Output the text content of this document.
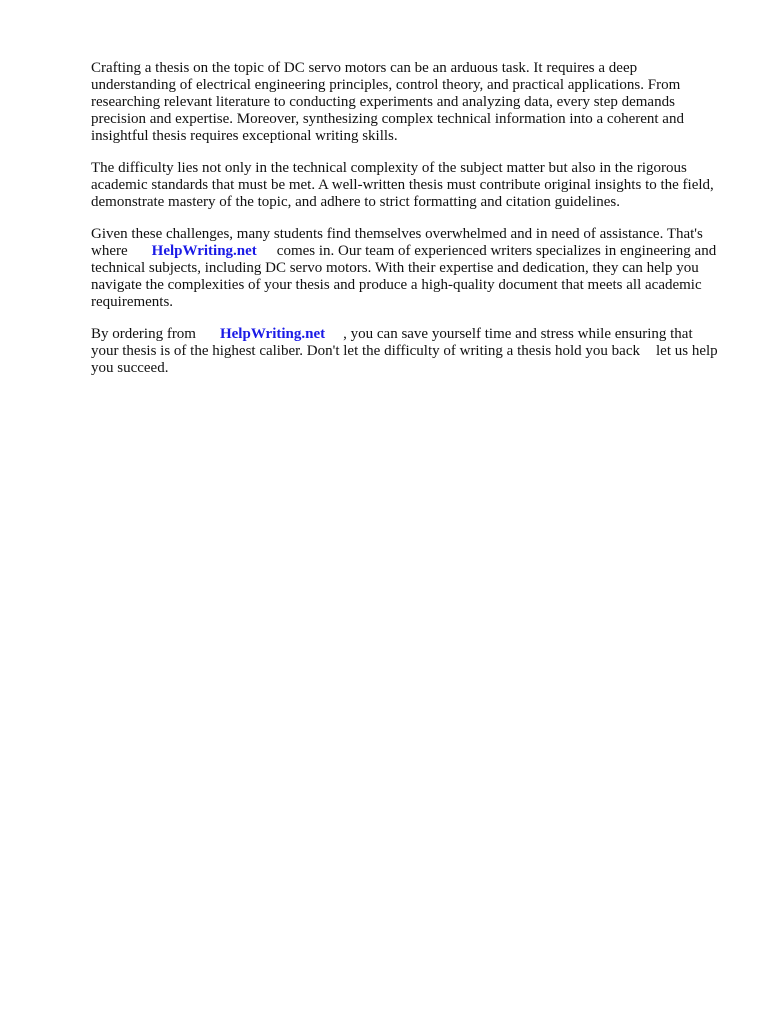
Crafting a thesis on the topic of DC servo motors can be an arduous task. It requires a deep understanding of electrical engineering principles, control theory, and practical applications. From researching relevant literature to conducting experiments and analyzing data, every step demands precision and expertise. Moreover, synthesizing complex technical information into a coherent and insightful thesis requires exceptional writing skills.

The difficulty lies not only in the technical complexity of the subject matter but also in the rigorous academic standards that must be met. A well-written thesis must contribute original insights to the field, demonstrate mastery of the topic, and adhere to strict formatting and citation guidelines.

Given these challenges, many students find themselves overwhelmed and in need of assistance. That's where HelpWriting.net comes in. Our team of experienced writers specializes in engineering and technical subjects, including DC servo motors. With their expertise and dedication, they can help you navigate the complexities of your thesis and produce a high-quality document that meets all academic requirements.

By ordering from HelpWriting.net , you can save yourself time and stress while ensuring that your thesis is of the highest caliber. Don't let the difficulty of writing a thesis hold you back let us help you succeed.
